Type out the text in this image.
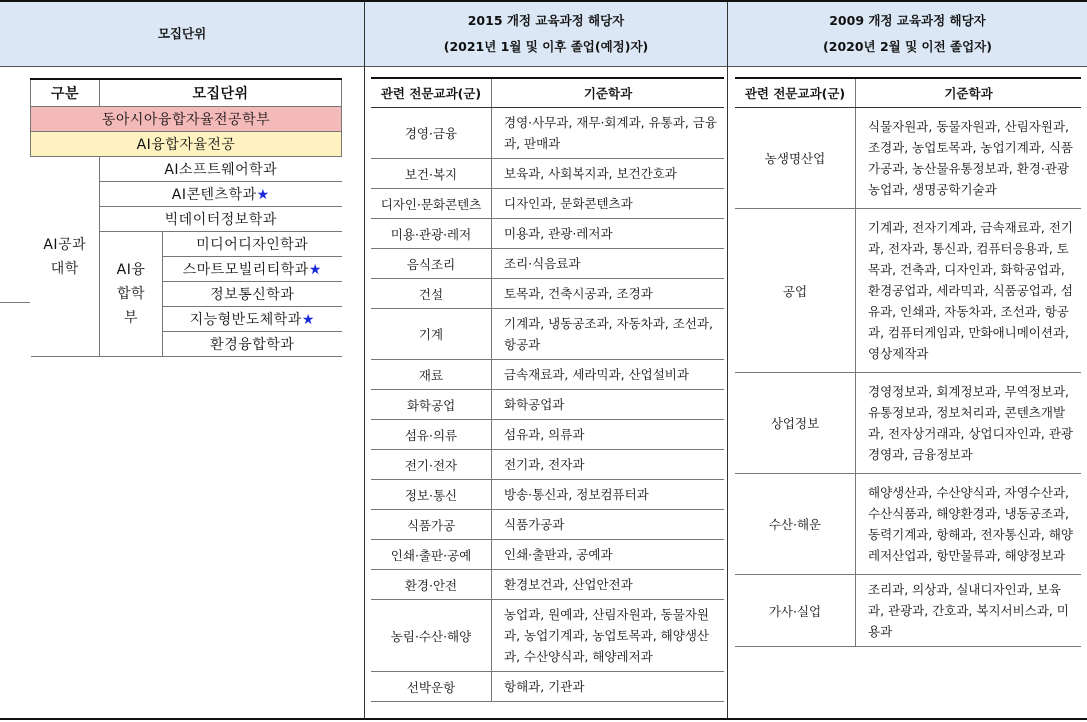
모집단위
2015 개정 교육과정 해당자
(2021년 1월 및 이후 졸업(예정)자)
2009 개정 교육과정 해당자
(2020년 2월 및 이전 졸업자)
구분	모집단위	
동아시아융합자율전공학부		
AI융합자율전공		
AI공과대학	AI소프트웨어학과	
	AI콘텐츠학과★	
	빅데이터정보학과	
	AI융합학부	미디어디자인학과
		스마트모빌리티학과★
		정보통신학과
		지능형반도체학과★
		환경융합학과
관련 전문교과(군)	기준학과
경영·금융	경영·사무과, 재무·회계과, 유통과, 금융과, 판매과
보건·복지	보육과, 사회복지과, 보건간호과
디자인·문화콘텐츠	디자인과, 문화콘텐츠과
미용·관광·레저	미용과, 관광·레저과
음식조리	조리·식음료과
건설	토목과, 건축시공과, 조경과
기계	기계과, 냉동공조과, 자동차과, 조선과, 항공과
재료	금속재료과, 세라믹과, 산업설비과
화학공업	화학공업과
섬유·의류	섬유과, 의류과
전기·전자	전기과, 전자과
정보·통신	방송·통신과, 정보컴퓨터과
식품가공	식품가공과
인쇄·출판·공예	인쇄·출판과, 공예과
환경·안전	환경보건과, 산업안전과
농림·수산·해양	농업과, 원예과, 산림자원과, 동물자원과, 농업기계과, 농업토목과, 해양생산과, 수산양식과, 해양레저과
선박운항	항해과, 기관과
관련 전문교과(군)	기준학과
농생명산업	식물자원과, 동물자원과, 산림자원과, 조경과, 농업토목과, 농업기계과, 식품가공과, 농산물유통정보과, 환경·관광농업과, 생명공학기술과
공업	기계과, 전자기계과, 금속재료과, 전기과, 전자과, 통신과, 컴퓨터응용과, 토목과, 건축과, 디자인과, 화학공업과, 환경공업과, 세라믹과, 식품공업과, 섬유과, 인쇄과, 자동차과, 조선과, 항공과, 컴퓨터게임과, 만화애니메이션과, 영상제작과
상업정보	경영정보과, 회계정보과, 무역정보과, 유통정보과, 정보처리과, 콘텐츠개발과, 전자상거래과, 상업디자인과, 관광경영과, 금융정보과
수산·해운	해양생산과, 수산양식과, 자영수산과, 수산식품과, 해양환경과, 냉동공조과, 동력기계과, 항해과, 전자통신과, 해양레저산업과, 항만물류과, 해양정보과
가사·실업	조리과, 의상과, 실내디자인과, 보육과, 관광과, 간호과, 복지서비스과, 미용과
